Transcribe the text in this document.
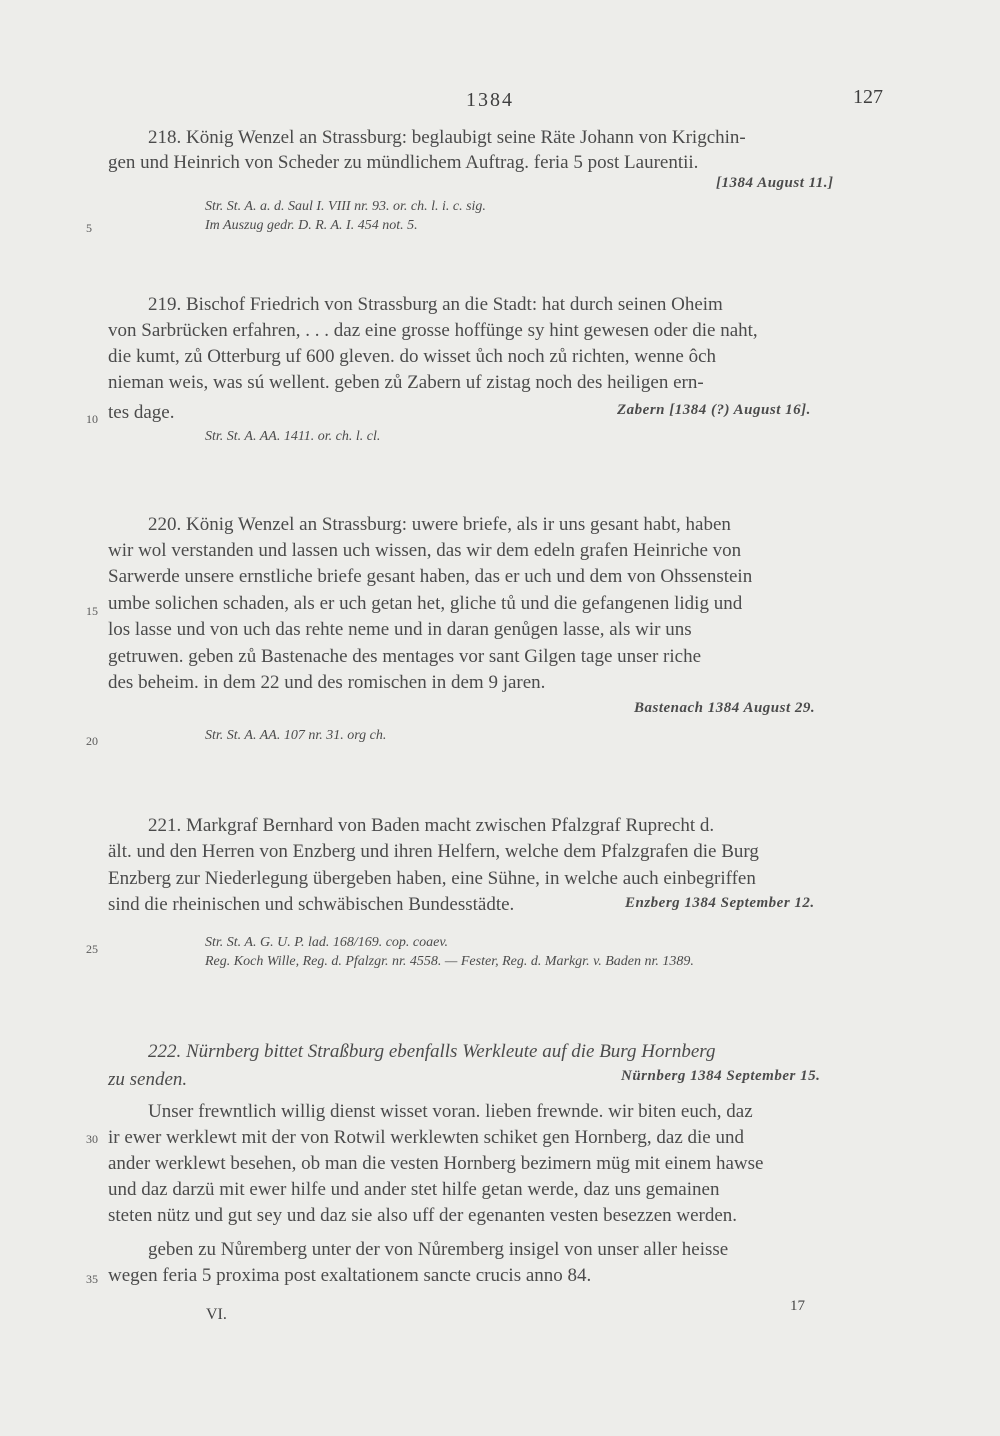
1384	127
218. König Wenzel an Strassburg: beglaubigt seine Räte Johann von Krigchin-
gen und Heinrich von Scheder zu mündlichem Auftrag. feria 5 post Laurentii.
[1384 August 11.]
Str. St. A. a. d. Saul I. VIII nr. 93. or. ch. l. i. c. sig.
Im Auszug gedr. D. R. A. I. 454 not. 5.
5
219. Bischof Friedrich von Strassburg an die Stadt: hat durch seinen Oheim
von Sarbrücken erfahren, . . . daz eine grosse hoffünge sy hint gewesen oder die naht,
die kumt, zů Otterburg uf 600 gleven. do wisset ůch noch zů richten, wenne ôch
nieman weis, was sú wellent. geben zů Zabern uf zistag noch des heiligen ern-
tes dage.
10
Zabern [1384 (?) August 16].
Str. St. A. AA. 1411. or. ch. l. cl.
220. König Wenzel an Strassburg: uwere briefe, als ir uns gesant habt, haben
wir wol verstanden und lassen uch wissen, das wir dem edeln grafen Heinriche von
Sarwerde unsere ernstliche briefe gesant haben, das er uch und dem von Ohssenstein
umbe solichen schaden, als er uch getan het, gliche tů und die gefangenen lidig und
15
los lasse und von uch das rehte neme und in daran genůgen lasse, als wir uns
getruwen. geben zů Bastenache des mentages vor sant Gilgen tage unser riche
des beheim. in dem 22 und des romischen in dem 9 jaren.
Bastenach 1384 August 29.
Str. St. A. AA. 107 nr. 31. org ch.
20
221. Markgraf Bernhard von Baden macht zwischen Pfalzgraf Ruprecht d.
ält. und den Herren von Enzberg und ihren Helfern, welche dem Pfalzgrafen die Burg
Enzberg zur Niederlegung übergeben haben, eine Sühne, in welche auch einbegriffen
sind die rheinischen und schwäbischen Bundesstädte.	Enzberg 1384 September 12.
25	Str. St. A. G. U. P. lad. 168/169. cop. coaev.
Reg. Koch Wille, Reg. d. Pfalzgr. nr. 4558. — Fester, Reg. d. Markgr. v. Baden nr. 1389.
222. Nürnberg bittet Straßburg ebenfalls Werkleute auf die Burg Hornberg
zu senden.	Nürnberg 1384 September 15.
Unser frewntlich willig dienst wisset voran. lieben frewnde. wir biten euch, daz
ir ewer werklewt mit der von Rotwil werklewten schiket gen Hornberg, daz die und
30
ander werklewt besehen, ob man die vesten Hornberg bezimern müg mit einem hawse
und daz darzü mit ewer hilfe und ander stet hilfe getan werde, daz uns gemainen
steten nütz und gut sey und daz sie also uff der egenanten vesten besezzen werden.
geben zu Nůremberg unter der von Nůremberg insigel von unser aller heisse
wegen feria 5 proxima post exaltationem sancte crucis anno 84.
35
VI.	17
